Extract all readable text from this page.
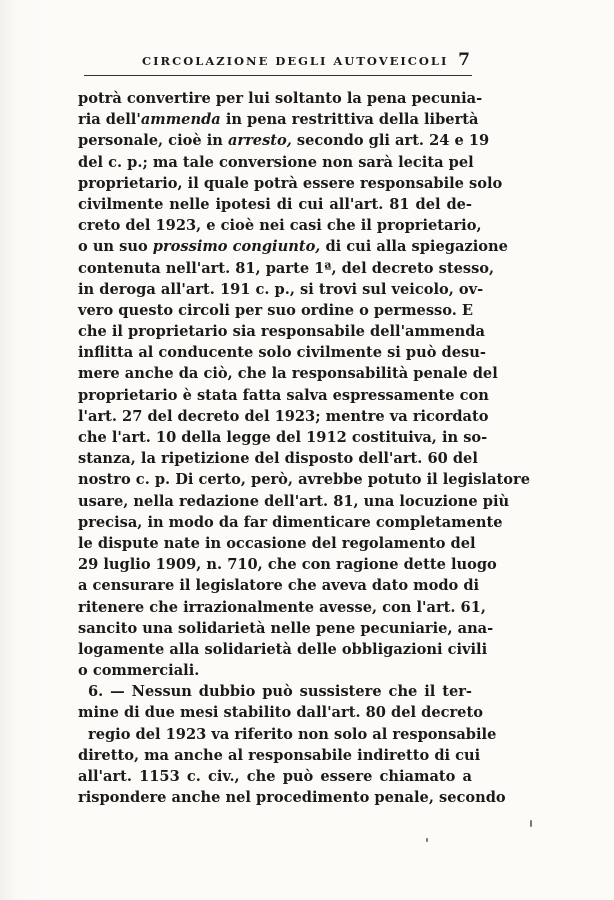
CIRCOLAZIONE DEGLI AUTOVEICOLI 7
potrà convertire per lui soltanto la pena pecunia-
ria dell'ammenda in pena restrittiva della libertà
personale, cioè in arresto, secondo gli art. 24 e 19
del c. p.; ma tale conversione non sarà lecita pel
proprietario, il quale potrà essere responsabile solo
civilmente nelle ipotesi di cui all'art. 81 del de-
creto del 1923, e cioè nei casi che il proprietario,
o un suo prossimo congiunto, di cui alla spiegazione
contenuta nell'art. 81, parte 1ª, del decreto stesso,
in deroga all'art. 191 c. p., si trovi sul veicolo, ov-
vero questo circoli per suo ordine o permesso. E
che il proprietario sia responsabile dell'ammenda
inflitta al conducente solo civilmente si può desu-
mere anche da ciò, che la responsabilità penale del
proprietario è stata fatta salva espressamente con
l'art. 27 del decreto del 1923; mentre va ricordato
che l'art. 10 della legge del 1912 costituiva, in so-
stanza, la ripetizione del disposto dell'art. 60 del
nostro c. p. Di certo, però, avrebbe potuto il legislatore
usare, nella redazione dell'art. 81, una locuzione più
precisa, in modo da far dimenticare completamente
le dispute nate in occasione del regolamento del
29 luglio 1909, n. 710, che con ragione dette luogo
a censurare il legislatore che aveva dato modo di
ritenere che irrazionalmente avesse, con l'art. 61,
sancito una solidarietà nelle pene pecuniarie, ana-
logamente alla solidarietà delle obbligazioni civili
o commerciali.
6. — Nessun dubbio può sussistere che il ter-
mine di due mesi stabilito dall'art. 80 del decreto
regio del 1923 va riferito non solo al responsabile
diretto, ma anche al responsabile indiretto di cui
all'art. 1153 c. civ., che può essere chiamato a
rispondere anche nel procedimento penale, secondo
